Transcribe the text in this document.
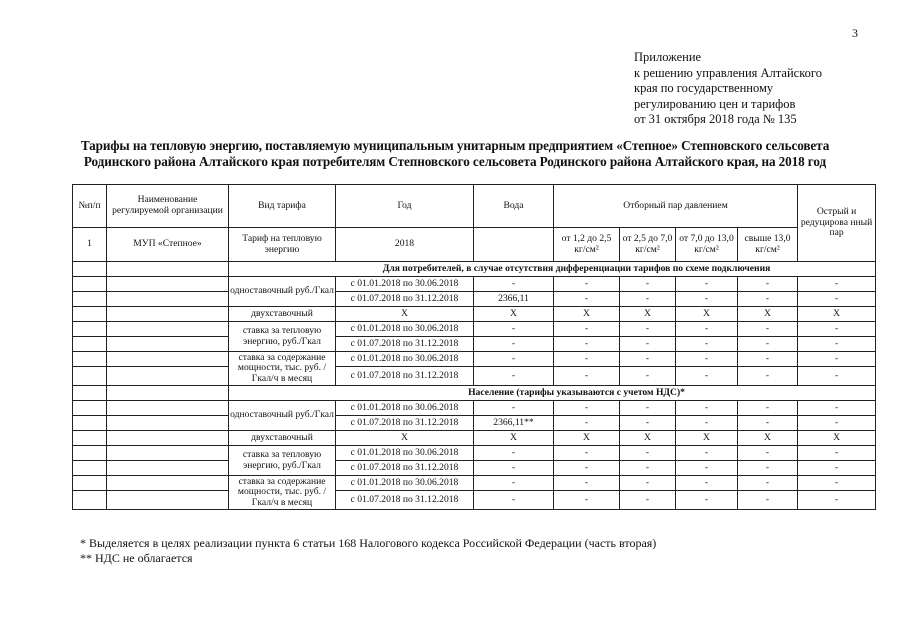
3
Приложение
к решению управления Алтайского
края по государственному
регулированию цен и тарифов
от 31 октября 2018 года № 135
Тарифы на тепловую энергию, поставляемую муниципальным унитарным предприятием «Степное» Степновского сельсовета
Родинского района Алтайского края потребителям Степновского сельсовета Родинского района Алтайского края, на 2018 год
№п/п	Наименование регулируемой организации	Вид тарифа	Год	Вода	Отборный пар давлением				Острый и редуцирова нный пар
1	МУП «Степное»	Тариф на тепловую энергию	2018		от 1,2 до 2,5 кг/см²	от 2,5 до 7,0 кг/см²	от 7,0 до 13,0 кг/см²	свыше 13,0 кг/см²	
		Для потребителей, в случае отсутствия дифференциации тарифов по схеме подключения							
		одноставочный руб./Гкал	с 01.01.2018 по 30.06.2018	-	-	-	-	-	-
			с 01.07.2018 по 31.12.2018	2366,11	-	-	-	-	-
		двухставочный	X	X	X	X	X	X	X
		ставка за тепловую энергию, руб./Гкал	с 01.01.2018 по 30.06.2018	-	-	-	-	-	-
			с 01.07.2018 по 31.12.2018	-	-	-	-	-	-
		ставка за содержание мощности, тыс. руб. /Гкал/ч в месяц	с 01.01.2018 по 30.06.2018	-	-	-	-	-	-
			с 01.07.2018 по 31.12.2018	-	-	-	-	-	-
		Население (тарифы указываются с учетом НДС)*							
		одноставочный руб./Гкал	с 01.01.2018 по 30.06.2018	-	-	-	-	-	-
			с 01.07.2018 по 31.12.2018	2366,11**	-	-	-	-	-
		двухставочный	X	X	X	X	X	X	X
		ставка за тепловую энергию, руб./Гкал	с 01.01.2018 по 30.06.2018	-	-	-	-	-	-
			с 01.07.2018 по 31.12.2018	-	-	-	-	-	-
		ставка за содержание мощности, тыс. руб. /Гкал/ч в месяц	с 01.01.2018 по 30.06.2018	-	-	-	-	-	-
			с 01.07.2018 по 31.12.2018	-	-	-	-	-	-
* Выделяется в целях реализации пункта 6 статьи 168 Налогового кодекса Российской Федерации (часть вторая)
** НДС не облагается
